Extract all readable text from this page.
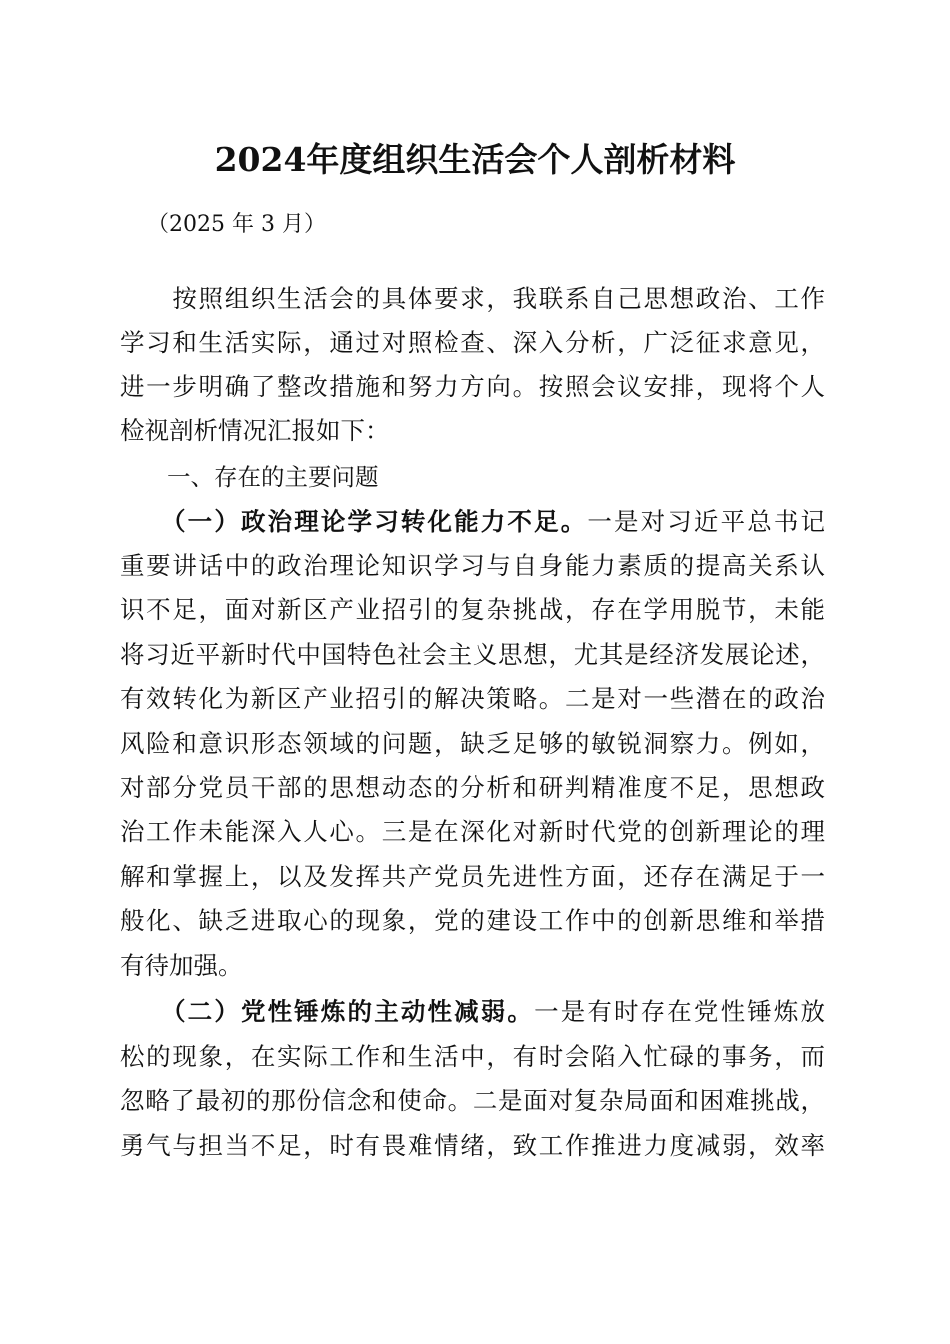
2024年度组织生活会个人剖析材料
（2025 年 3 月）
　　按照组织生活会的具体要求，我联系自己思想政治、工作
学习和生活实际，通过对照检查、深入分析，广泛征求意见，
进一步明确了整改措施和努力方向。按照会议安排，现将个人
检视剖析情况汇报如下：
　　一、存在的主要问题
　　（一）政治理论学习转化能力不足。一是对习近平总书记
重要讲话中的政治理论知识学习与自身能力素质的提高关系认
识不足，面对新区产业招引的复杂挑战，存在学用脱节，未能
将习近平新时代中国特色社会主义思想，尤其是经济发展论述，
有效转化为新区产业招引的解决策略。二是对一些潜在的政治
风险和意识形态领域的问题，缺乏足够的敏锐洞察力。例如，
对部分党员干部的思想动态的分析和研判精准度不足，思想政
治工作未能深入人心。三是在深化对新时代党的创新理论的理
解和掌握上，以及发挥共产党员先进性方面，还存在满足于一
般化、缺乏进取心的现象，党的建设工作中的创新思维和举措
有待加强。
　　（二）党性锤炼的主动性减弱。一是有时存在党性锤炼放
松的现象，在实际工作和生活中，有时会陷入忙碌的事务，而
忽略了最初的那份信念和使命。二是面对复杂局面和困难挑战，
勇气与担当不足，时有畏难情绪，致工作推进力度减弱，效率
